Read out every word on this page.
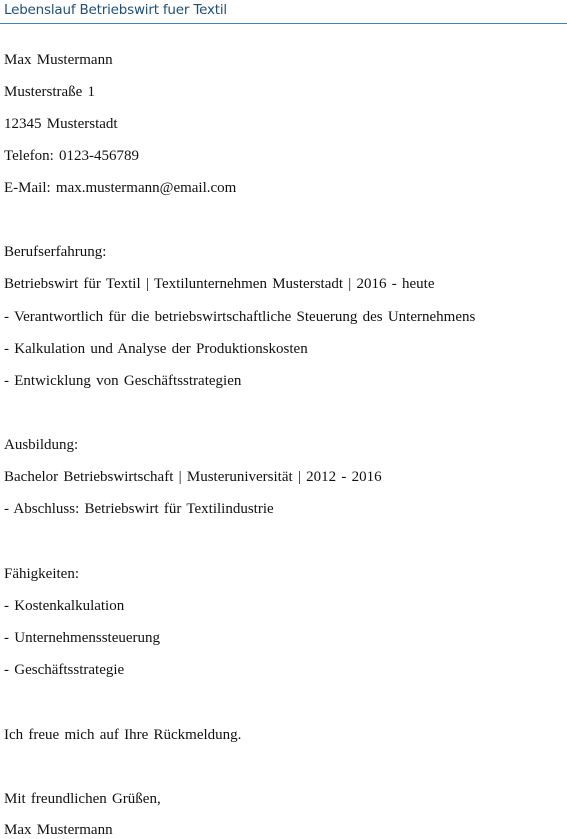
Lebenslauf Betriebswirt fuer Textil
Max Mustermann
Musterstraße 1
12345 Musterstadt
Telefon: 0123-456789
E-Mail: max.mustermann@email.com
Berufserfahrung:
Betriebswirt für Textil | Textilunternehmen Musterstadt | 2016 - heute
- Verantwortlich für die betriebswirtschaftliche Steuerung des Unternehmens
- Kalkulation und Analyse der Produktionskosten
- Entwicklung von Geschäftsstrategien
Ausbildung:
Bachelor Betriebswirtschaft | Musteruniversität | 2012 - 2016
- Abschluss: Betriebswirt für Textilindustrie
Fähigkeiten:
- Kostenkalkulation
- Unternehmenssteuerung
- Geschäftsstrategie
Ich freue mich auf Ihre Rückmeldung.
Mit freundlichen Grüßen,
Max Mustermann
